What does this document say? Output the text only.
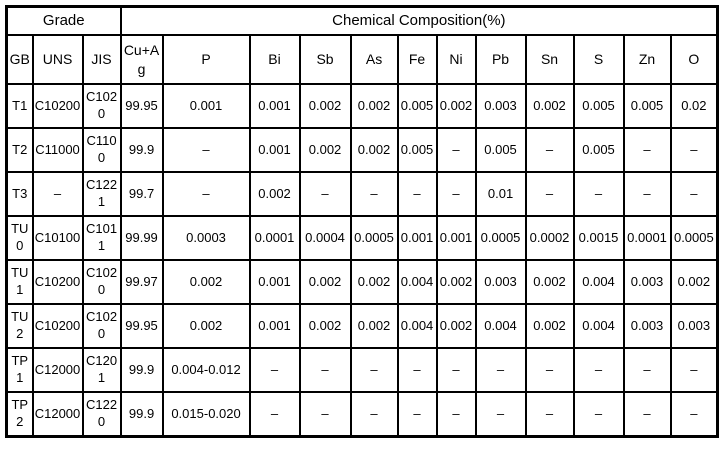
Grade			Chemical Composition(%)											
GB	UNS	JIS	Cu+Ag	P	Bi	Sb	As	Fe	Ni	Pb	Sn	S	Zn	O
T1	C10200	C1020	99.95	0.001	0.001	0.002	0.002	0.005	0.002	0.003	0.002	0.005	0.005	0.02
T2	C11000	C1100	99.9	–	0.001	0.002	0.002	0.005	–	0.005	–	0.005	–	–
T3	–	C1221	99.7	–	0.002	–	–	–	–	0.01	–	–	–	–
TU0	C10100	C1011	99.99	0.0003	0.0001	0.0004	0.0005	0.001	0.001	0.0005	0.0002	0.0015	0.0001	0.0005
TU1	C10200	C1020	99.97	0.002	0.001	0.002	0.002	0.004	0.002	0.003	0.002	0.004	0.003	0.002
TU2	C10200	C1020	99.95	0.002	0.001	0.002	0.002	0.004	0.002	0.004	0.002	0.004	0.003	0.003
TP1	C12000	C1201	99.9	0.004-0.012	–	–	–	–	–	–	–	–	–	–
TP2	C12000	C1220	99.9	0.015-0.020	–	–	–	–	–	–	–	–	–	–
